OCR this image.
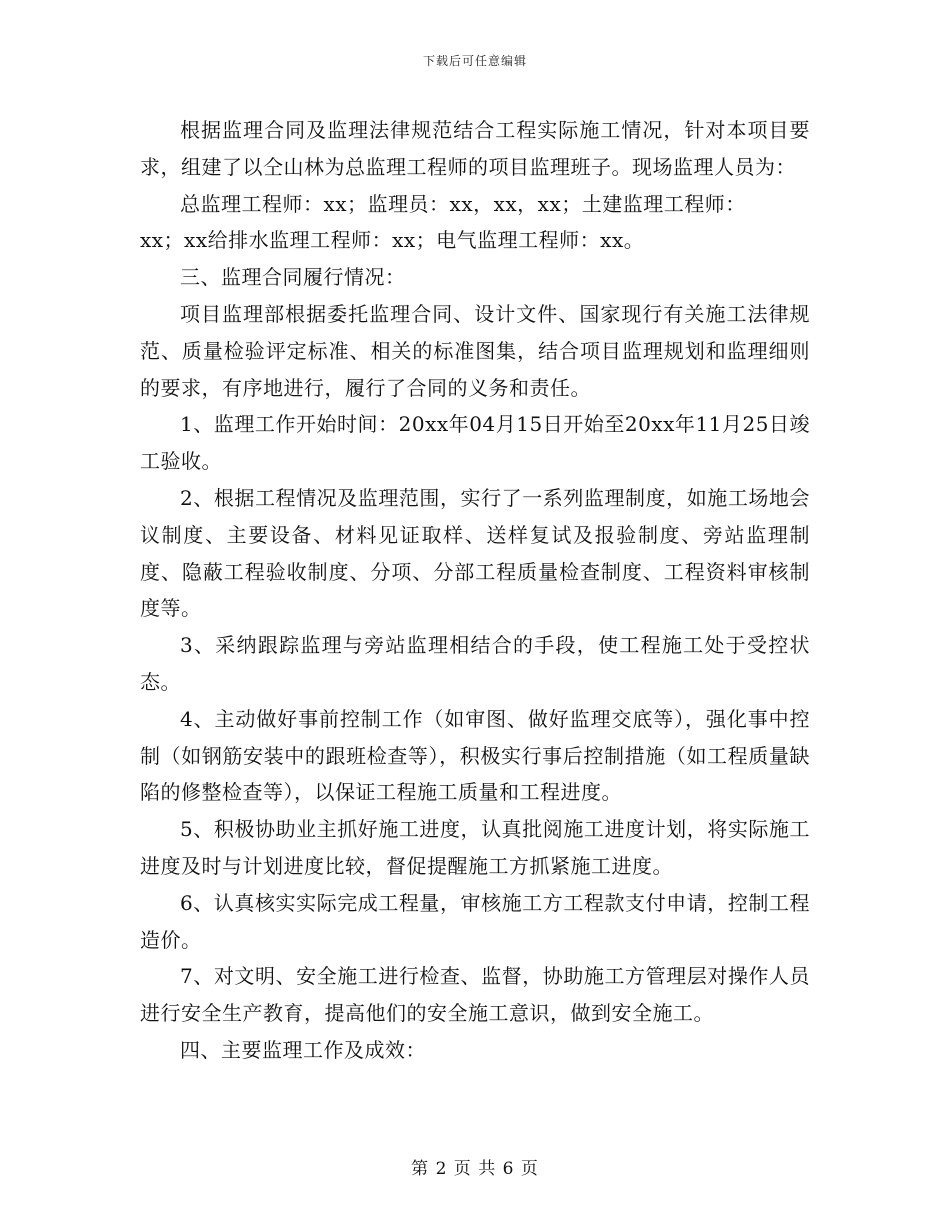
下载后可任意编辑

根据监理合同及监理法律规范结合工程实际施工情况，针对本项目要求，组建了以仝山林为总监理工程师的项目监理班子。现场监理人员为：

总监理工程师：xx；监理员：xx，xx，xx；土建监理工程师：

xx；xx给排水监理工程师：xx；电气监理工程师：xx。

三、监理合同履行情况：

项目监理部根据委托监理合同、设计文件、国家现行有关施工法律规范、质量检验评定标准、相关的标准图集，结合项目监理规划和监理细则的要求，有序地进行，履行了合同的义务和责任。

1、监理工作开始时间：20xx年04月15日开始至20xx年11月25日竣工验收。

2、根据工程情况及监理范围，实行了一系列监理制度，如施工场地会议制度、主要设备、材料见证取样、送样复试及报验制度、旁站监理制度、隐蔽工程验收制度、分项、分部工程质量检查制度、工程资料审核制度等。

3、采纳跟踪监理与旁站监理相结合的手段，使工程施工处于受控状态。

4、主动做好事前控制工作（如审图、做好监理交底等），强化事中控制（如钢筋安装中的跟班检查等），积极实行事后控制措施（如工程质量缺陷的修整检查等），以保证工程施工质量和工程进度。

5、积极协助业主抓好施工进度，认真批阅施工进度计划，将实际施工进度及时与计划进度比较，督促提醒施工方抓紧施工进度。

6、认真核实实际完成工程量，审核施工方工程款支付申请，控制工程造价。

7、对文明、安全施工进行检查、监督，协助施工方管理层对操作人员进行安全生产教育，提高他们的安全施工意识，做到安全施工。

四、主要监理工作及成效：

第 2 页 共 6 页
